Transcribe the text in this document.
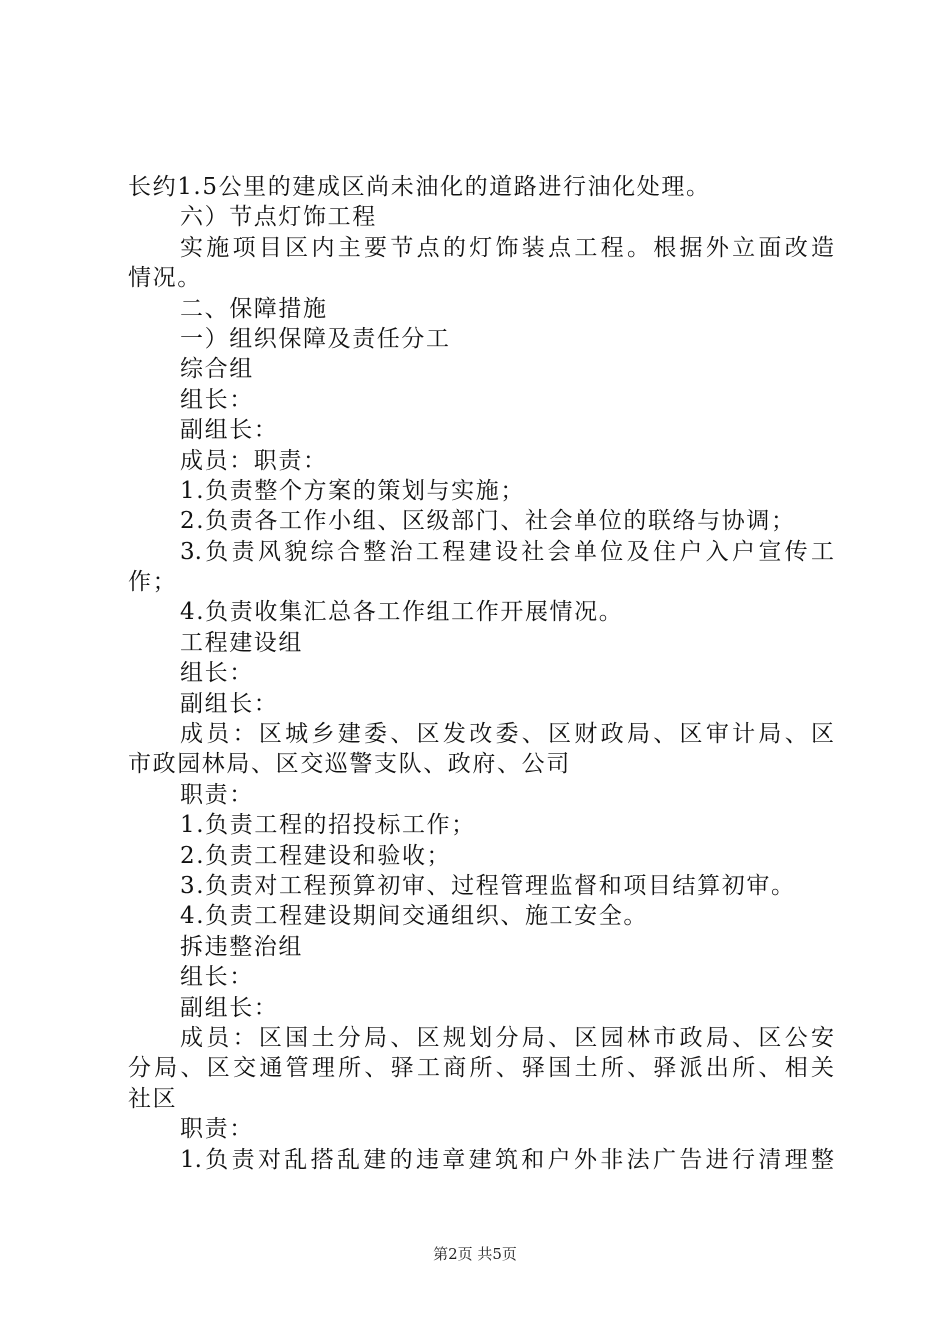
长约1.5公里的建成区尚未油化的道路进行油化处理。
六）节点灯饰工程
实施项目区内主要节点的灯饰装点工程。根据外立面改造
情况。
二、保障措施
一）组织保障及责任分工
综合组
组长：
副组长：
成员：职责：
1.负责整个方案的策划与实施；
2.负责各工作小组、区级部门、社会单位的联络与协调；
3.负责风貌综合整治工程建设社会单位及住户入户宣传工
作；
4.负责收集汇总各工作组工作开展情况。
工程建设组
组长：
副组长：
成员：区城乡建委、区发改委、区财政局、区审计局、区
市政园林局、区交巡警支队、政府、公司
职责：
1.负责工程的招投标工作；
2.负责工程建设和验收；
3.负责对工程预算初审、过程管理监督和项目结算初审。
4.负责工程建设期间交通组织、施工安全。
拆违整治组
组长：
副组长：
成员：区国土分局、区规划分局、区园林市政局、区公安
分局、区交通管理所、驿工商所、驿国土所、驿派出所、相关
社区
职责：
1.负责对乱搭乱建的违章建筑和户外非法广告进行清理整
第2页 共5页
